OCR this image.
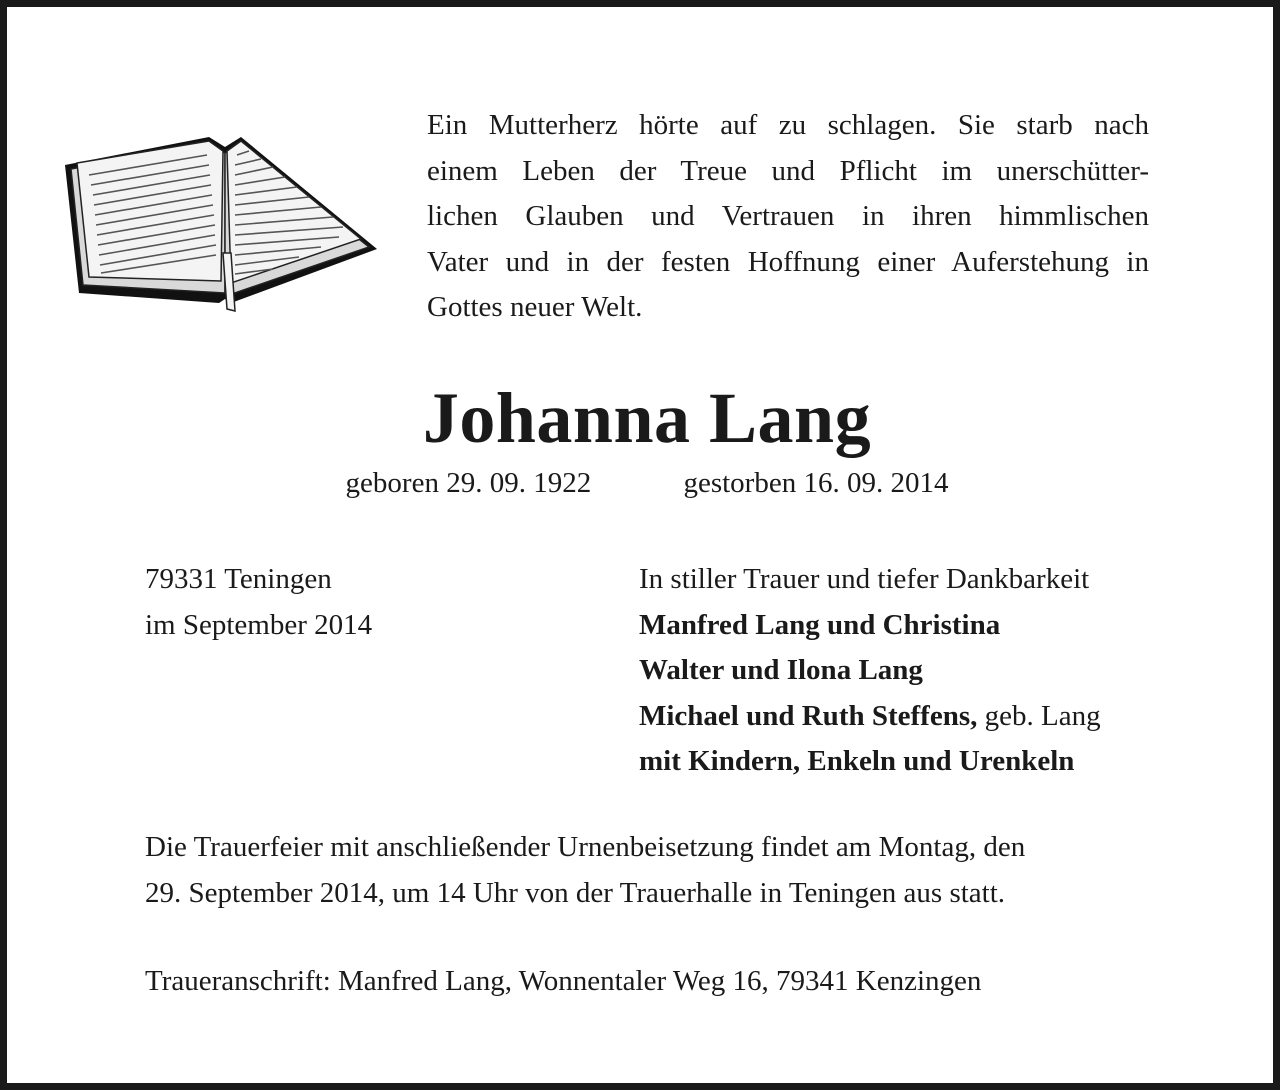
Ein Mutterherz hörte auf zu schlagen. Sie starb nach
einem Leben der Treue und Pflicht im unerschütter-
lichen Glauben und Vertrauen in ihren himmlischen
Vater und in der festen Hoffnung einer Auferstehung in
Gottes neuer Welt.
Johanna Lang
geboren 29. 09. 1922	gestorben 16. 09. 2014
79331 Teningen
im September 2014
In stiller Trauer und tiefer Dankbarkeit
Manfred Lang und Christina
Walter und Ilona Lang
Michael und Ruth Steffens, geb. Lang
mit Kindern, Enkeln und Urenkeln
Die Trauerfeier mit anschließender Urnenbeisetzung findet am Montag, den
29. September 2014, um 14 Uhr von der Trauerhalle in Teningen aus statt.
Traueranschrift: Manfred Lang, Wonnentaler Weg 16, 79341 Kenzingen
